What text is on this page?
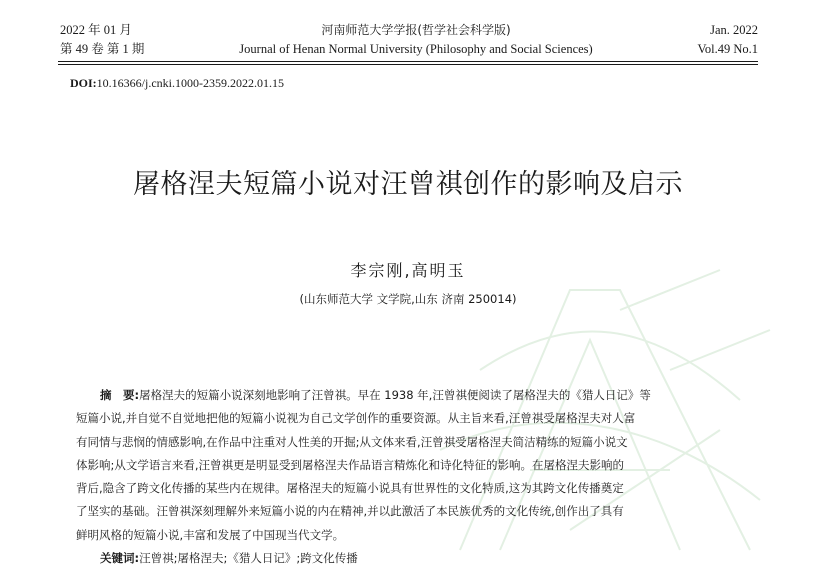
2022 年 01 月
第 49 卷 第 1 期
河南师范大学学报(哲学社会科学版)
Journal of Henan Normal University (Philosophy and Social Sciences)
Jan. 2022
Vol.49 No.1
DOI:10.16366/j.cnki.1000-2359.2022.01.15
屠格涅夫短篇小说对汪曾祺创作的影响及启示
李宗刚,高明玉
(山东师范大学 文学院,山东 济南 250014)
摘　要:屠格涅夫的短篇小说深刻地影响了汪曾祺。早在 1938 年,汪曾祺便阅读了屠格涅夫的《猎人日记》等
短篇小说,并自觉不自觉地把他的短篇小说视为自己文学创作的重要资源。从主旨来看,汪曾祺受屠格涅夫对人富
有同情与悲悯的情感影响,在作品中注重对人性美的开掘;从文体来看,汪曾祺受屠格涅夫简洁精练的短篇小说文
体影响;从文学语言来看,汪曾祺更是明显受到屠格涅夫作品语言精炼化和诗化特征的影响。在屠格涅夫影响的
背后,隐含了跨文化传播的某些内在规律。屠格涅夫的短篇小说具有世界性的文化特质,这为其跨文化传播奠定
了坚实的基础。汪曾祺深刻理解外来短篇小说的内在精神,并以此激活了本民族优秀的文化传统,创作出了具有
鲜明风格的短篇小说,丰富和发展了中国现当代文学。
关键词:汪曾祺;屠格涅夫;《猎人日记》;跨文化传播
